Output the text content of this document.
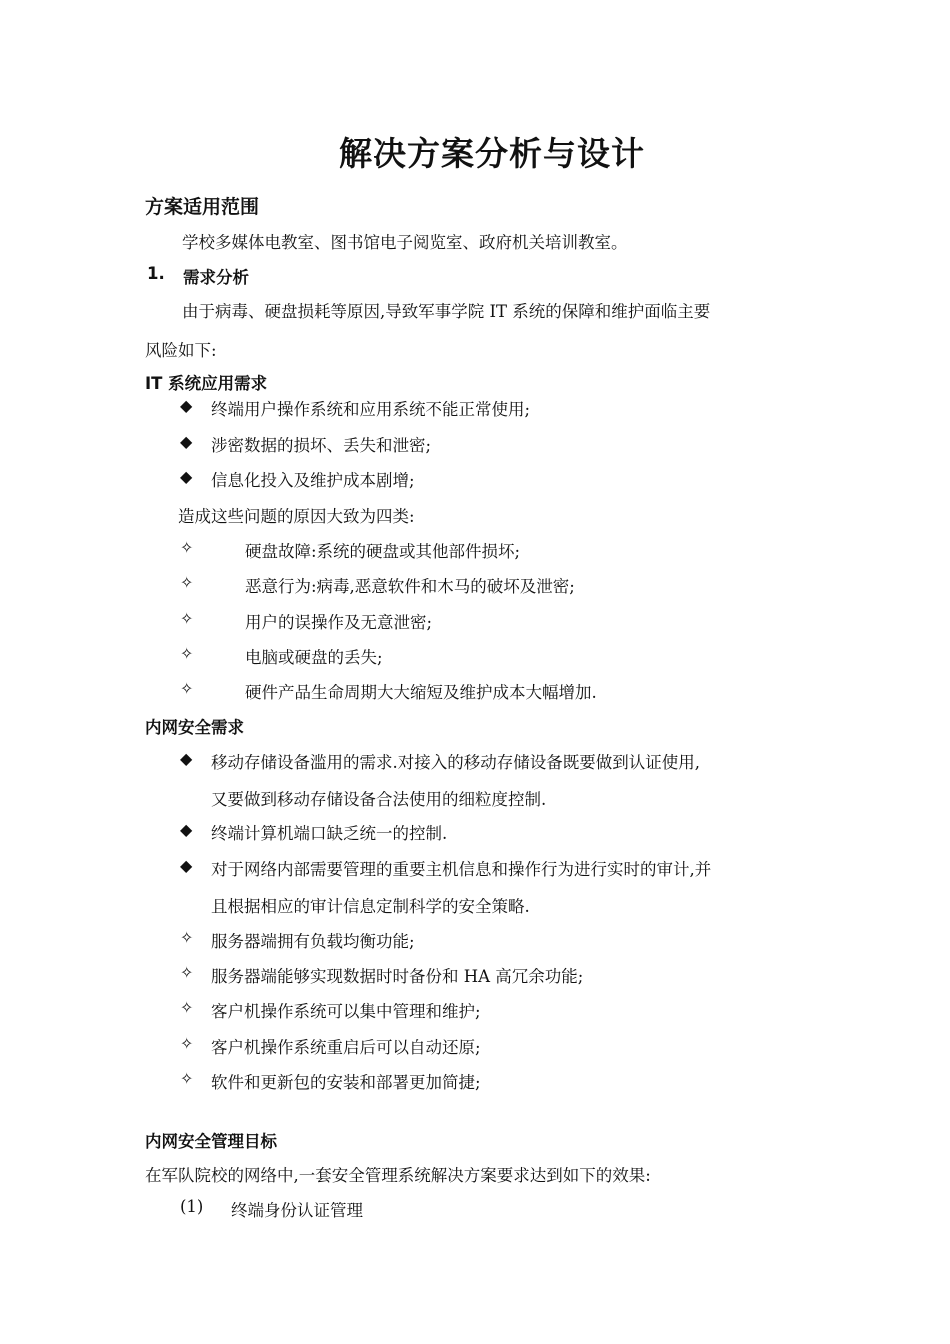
解决方案分析与设计
方案适用范围
学校多媒体电教室、图书馆电子阅览室、政府机关培训教室。
1. 需求分析
由于病毒、硬盘损耗等原因,导致军事学院 IT 系统的保障和维护面临主要
风险如下:
IT 系统应用需求
◆ 终端用户操作系统和应用系统不能正常使用;
◆ 涉密数据的损坏、丢失和泄密;
◆ 信息化投入及维护成本剧增;
造成这些问题的原因大致为四类:
✧	硬盘故障:系统的硬盘或其他部件损坏;
✧	恶意行为:病毒,恶意软件和木马的破坏及泄密;
✧	用户的误操作及无意泄密;
✧	电脑或硬盘的丢失;
✧	硬件产品生命周期大大缩短及维护成本大幅增加.
内网安全需求
◆ 移动存储设备滥用的需求.对接入的移动存储设备既要做到认证使用,
又要做到移动存储设备合法使用的细粒度控制.
◆ 终端计算机端口缺乏统一的控制.
◆ 对于网络内部需要管理的重要主机信息和操作行为进行实时的审计,并
且根据相应的审计信息定制科学的安全策略.
✧ 服务器端拥有负载均衡功能;
✧ 服务器端能够实现数据时时备份和 HA 高冗余功能;
✧ 客户机操作系统可以集中管理和维护;
✧ 客户机操作系统重启后可以自动还原;
✧ 软件和更新包的安装和部署更加简捷;
内网安全管理目标
在军队院校的网络中,一套安全管理系统解决方案要求达到如下的效果:
(1) 终端身份认证管理
